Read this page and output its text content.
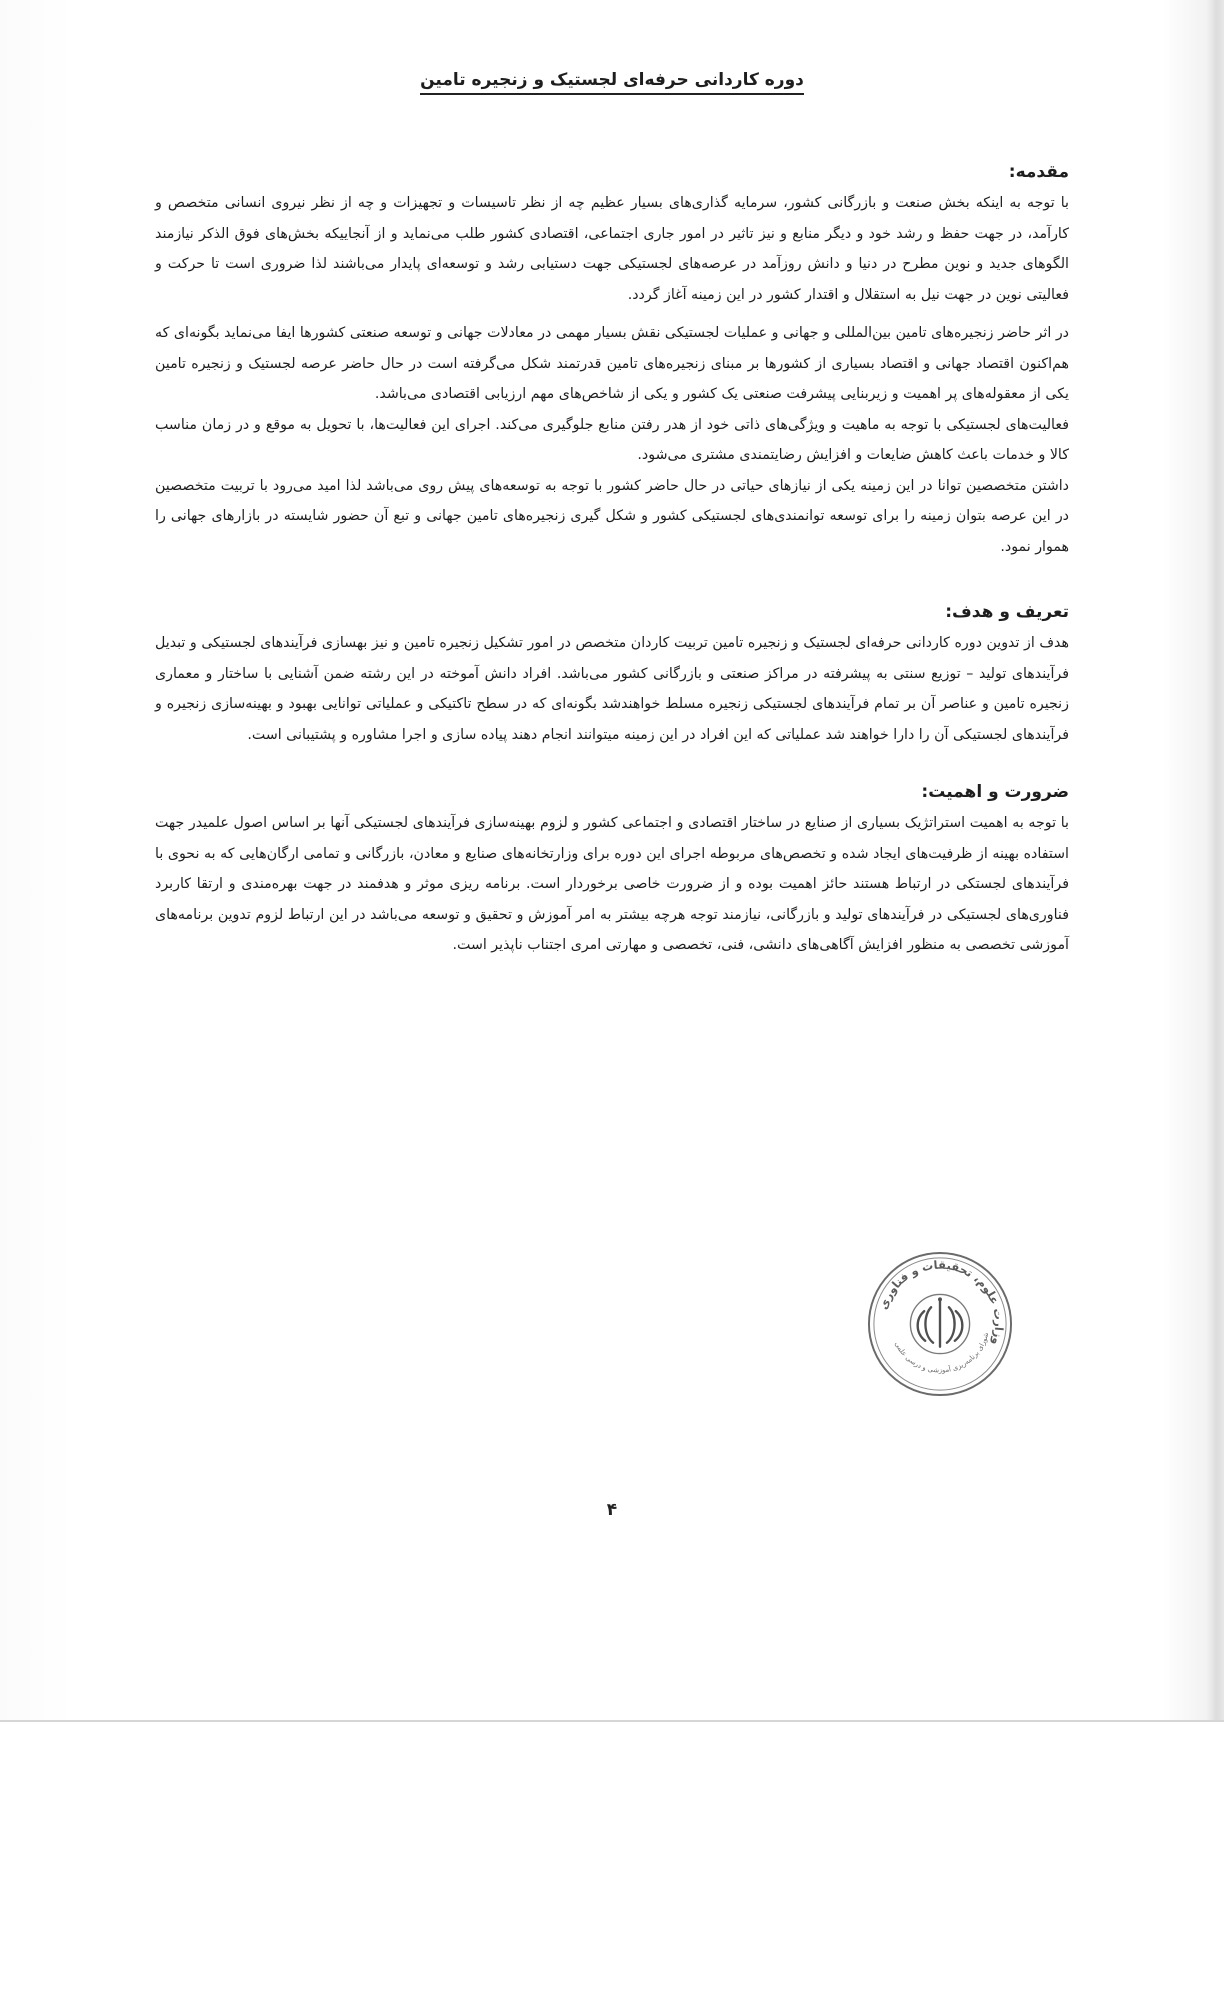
دوره کاردانی حرفه‌ای لجستیک و زنجیره تامین
مقدمه:

با توجه به اینکه بخش صنعت و بازرگانی کشور، سرمایه گذاری‌های بسیار عظیم چه از نظر تاسیسات و تجهیزات و چه از نظر نیروی انسانی متخصص و کارآمد، در جهت حفظ و رشد خود و دیگر منابع و نیز تاثیر در امور جاری اجتماعی، اقتصادی کشور طلب می‌نماید و از آنجاییکه بخش‌های فوق الذکر نیازمند الگوهای جدید و نوین مطرح در دنیا و دانش روزآمد در عرصه‌های لجستیکی جهت دستیابی رشد و توسعه‌ای پایدار می‌باشند لذا ضروری است تا حرکت و فعالیتی نوین در جهت نیل به استقلال و اقتدار کشور در این زمینه آغاز گردد.

در اثر حاضر زنجیره‌های تامین بین‌المللی و جهانی و عملیات لجستیکی نقش بسیار مهمی در معادلات جهانی و توسعه صنعتی کشورها ایفا می‌نماید بگونه‌ای که هم‌اکنون اقتصاد جهانی و اقتصاد بسیاری از کشورها بر مبنای زنجیره‌های تامین قدرتمند شکل می‌گرفته است در حال حاضر عرصه لجستیک و زنجیره تامین یکی از معقوله‌های پر اهمیت و زیربنایی پیشرفت صنعتی یک کشور و یکی از شاخص‌های مهم ارزیابی اقتصادی می‌باشد.

فعالیت‌های لجستیکی با توجه به ماهیت و ویژگی‌های ذاتی خود از هدر رفتن منابع جلوگیری می‌کند. اجرای این فعالیت‌ها، با تحویل به موقع و در زمان مناسب کالا و خدمات باعث کاهش ضایعات و افزایش رضایتمندی مشتری می‌شود.

داشتن متخصصین توانا در این زمینه یکی از نیازهای حیاتی در حال حاضر کشور با توجه به توسعه‌های پیش روی می‌باشد لذا امید می‌رود با تربیت متخصصین در این عرصه بتوان زمینه را برای توسعه توانمندی‌های لجستیکی کشور و شکل گیری زنجیره‌های تامین جهانی و تبع آن حضور شایسته در بازارهای جهانی را هموار نمود.

تعریف و هدف:

هدف از تدوین دوره کاردانی حرفه‌ای لجستیک و زنجیره تامین تربیت کاردان متخصص در امور تشکیل زنجیره تامین و نیز بهسازی فرآیندهای لجستیکی و تبدیل فرآیندهای تولید – توزیع سنتی به پیشرفته در مراکز صنعتی و بازرگانی کشور می‌باشد. افراد دانش آموخته در این رشته ضمن آشنایی با ساختار و معماری زنجیره تامین و عناصر آن بر تمام فرآیندهای لجستیکی زنجیره مسلط خواهندشد بگونه‌ای که در سطح تاکتیکی و عملیاتی توانایی بهبود و بهینه‌سازی زنجیره و فرآیندهای لجستیکی آن را دارا خواهند شد عملیاتی که این افراد در این زمینه میتوانند انجام دهند پیاده سازی و اجرا مشاوره و پشتیبانی است.

ضرورت و اهمیت:

با توجه به اهمیت استراتژیک بسیاری از صنایع در ساختار اقتصادی و اجتماعی کشور و لزوم بهینه‌سازی فرآیندهای لجستیکی آنها بر اساس اصول علمیدر جهت استفاده بهینه از ظرفیت‌های ایجاد شده و تخصص‌های مربوطه اجرای این دوره برای وزارتخانه‌های صنایع و معادن، بازرگانی و تمامی ارگان‌هایی که به نحوی با فرآیندهای لجستکی در ارتباط هستند حائز اهمیت بوده و از ضرورت خاصی برخوردار است. برنامه ریزی موثر و هدفمند در جهت بهره‌مندی و ارتقا کاربرد فناوری‌های لجستیکی در فرآیندهای تولید و بازرگانی، نیازمند توجه هرچه بیشتر به امر آموزش و تحقیق و توسعه می‌باشد در این ارتباط لزوم تدوین برنامه‌های آموزشی تخصصی به منظور افزایش آگاهی‌های دانشی، فنی، تخصصی و مهارتی امری اجتناب ناپذیر است.

وزارت علوم، تحقیقات و فناوری
شورای برنامه‌ریزی آموزشی و درسی علمی
۴
